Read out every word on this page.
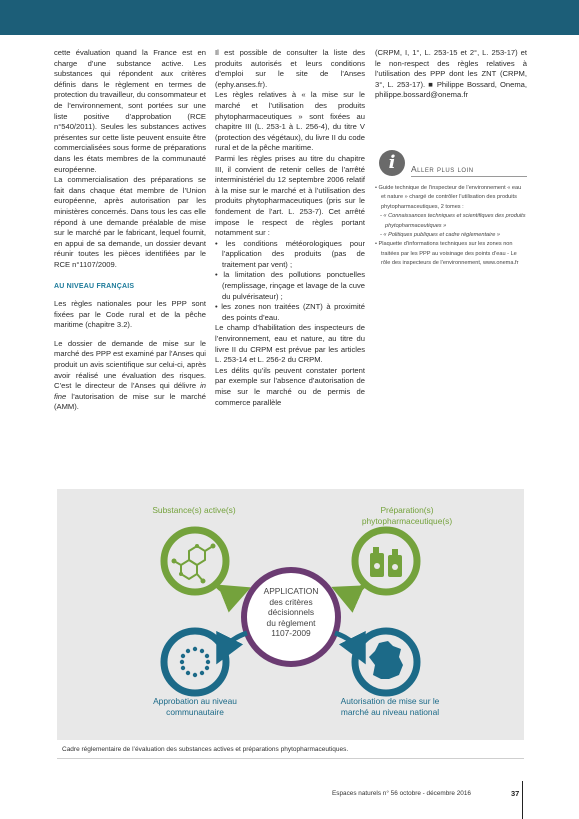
cette évaluation quand la France est en charge d’une substance active. Les substances qui répondent aux critères définis dans le règlement en termes de protection du travailleur, du consommateur et de l’environnement, sont portées sur une liste positive d’approbation (RCE n°540/2011). Seules les substances actives présentes sur cette liste peuvent ensuite être commercialisées sous forme de préparations dans les états membres de la communauté européenne.

La commercialisation des préparations se fait dans chaque état membre de l’Union européenne, après autorisation par les ministères concernés. Dans tous les cas elle répond à une demande préalable de mise sur le marché par le fabricant, lequel fournit, en appui de sa demande, un dossier devant réunir toutes les pièces identifiées par le RCE n°1107/2009.

AU NIVEAU FRANÇAIS

Les règles nationales pour les PPP sont fixées par le Code rural et de la pêche maritime (chapitre 3.2).

Le dossier de demande de mise sur le marché des PPP est examiné par l’Anses qui produit un avis scientifique sur celui-ci, après avoir réalisé une évaluation des risques. C’est le directeur de l’Anses qui délivre in fine l’autorisation de mise sur le marché (AMM).

Il est possible de consulter la liste des produits autorisés et leurs conditions d’emploi sur le site de l’Anses (ephy.anses.fr).

Les règles relatives à « la mise sur le marché et l’utilisation des produits phytopharmaceutiques » sont fixées au chapitre III (L. 253-1 à L. 256-4), du titre V (protection des végétaux), du livre II du code rural et de la pêche maritime.

Parmi les règles prises au titre du chapitre III, il convient de retenir celles de l’arrêté interministériel du 12 septembre 2006 relatif à la mise sur le marché et à l’utilisation des produits phytopharmaceutiques (pris sur le fondement de l’art. L. 253-7). Cet arrêté impose le respect de règles portant notamment sur :

• les conditions météorologiques pour l’application des produits (pas de traitement par vent) ;

• la limitation des pollutions ponctuelles (remplissage, rinçage et lavage de la cuve du pulvérisateur) ;

• les zones non traitées (ZNT) à proximité des points d’eau.

Le champ d’habilitation des inspecteurs de l’environnement, eau et nature, au titre du livre II du CRPM est prévue par les articles L. 253-14 et L. 256-2 du CRPM.

Les délits qu’ils peuvent constater portent par exemple sur l’absence d’autorisation de mise sur le marché ou de permis de commerce parallèle

(CRPM, I, 1°, L. 253-15 et 2°, L. 253-17) et le non-respect des règles relatives à l’utilisation des PPP dont les ZNT (CRPM, 3°, L. 253-17). ■ Philippe Bossard, Onema, philippe.bossard@onema.fr

i	Aller plus loin

• Guide technique de l’inspecteur de l’environnement « eau et nature » chargé de contrôler l’utilisation des produits phytopharmaceutiques, 2 tomes :

- « Connaissances techniques et scientifiques des produits phytopharmaceutiques »

- « Politiques publiques et cadre réglementaire »

• Plaquette d’informations techniques sur les zones non traitées par les PPP au voisinage des points d’eau - Le rôle des inspecteurs de l’environnement, www.onema.fr

Substance(s) active(s)	Préparation(s) phytopharmaceutique(s)
APPLICATION
des critères
décisionnels
du règlement
1107-2009
Approbation au niveau communautaire
Autorisation de mise sur le marché au niveau national
Cadre réglementaire de l’évaluation des substances actives et préparations phytopharmaceutiques.
Espaces naturels n° 56 octobre - décembre 2016	37
